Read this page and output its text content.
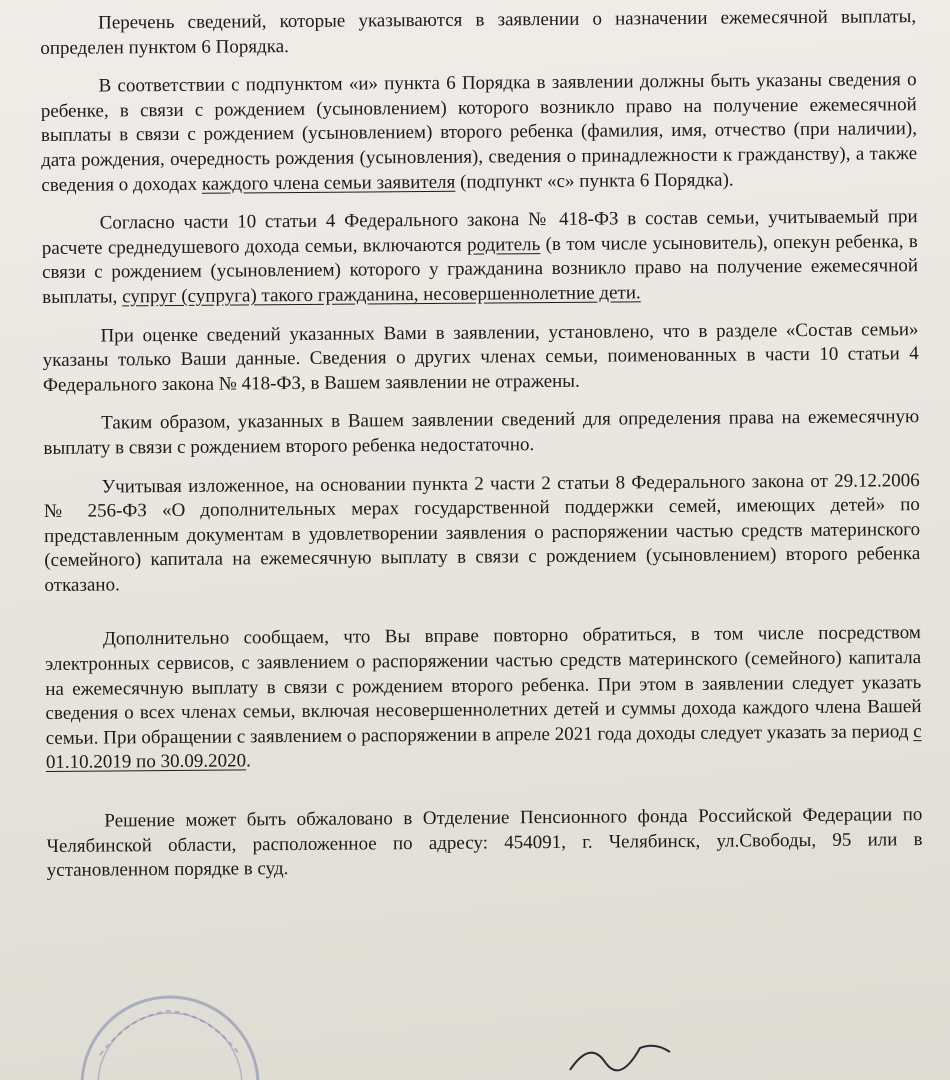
Перечень сведений, которые указываются в заявлении о назначении ежемесячной выплаты, определен пунктом 6 Порядка.

В соответствии с подпунктом «и» пункта 6 Порядка в заявлении должны быть указаны сведения о ребенке, в связи с рождением (усыновлением) которого возникло право на получение ежемесячной выплаты в связи с рождением (усыновлением) второго ребенка (фамилия, имя, отчество (при наличии), дата рождения, очередность рождения (усыновления), сведения о принадлежности к гражданству), а также сведения о доходах каждого члена семьи заявителя (подпункт «с» пункта 6 Порядка).

Согласно части 10 статьи 4 Федерального закона № 418-ФЗ в состав семьи, учитываемый при расчете среднедушевого дохода семьи, включаются родитель (в том числе усыновитель), опекун ребенка, в связи с рождением (усыновлением) которого у гражданина возникло право на получение ежемесячной выплаты, супруг (супруга) такого гражданина, несовершеннолетние дети.

При оценке сведений указанных Вами в заявлении, установлено, что в разделе «Состав семьи» указаны только Ваши данные. Сведения о других членах семьи, поименованных в части 10 статьи 4 Федерального закона № 418-ФЗ, в Вашем заявлении не отражены.

Таким образом, указанных в Вашем заявлении сведений для определения права на ежемесячную выплату в связи с рождением второго ребенка недостаточно.

Учитывая изложенное, на основании пункта 2 части 2 статьи 8 Федерального закона от 29.12.2006 № 256-ФЗ «О дополнительных мерах государственной поддержки семей, имеющих детей» по представленным документам в удовлетворении заявления о распоряжении частью средств материнского (семейного) капитала на ежемесячную выплату в связи с рождением (усыновлением) второго ребенка отказано.

Дополнительно сообщаем, что Вы вправе повторно обратиться, в том числе посредством электронных сервисов, с заявлением о распоряжении частью средств материнского (семейного) капитала на ежемесячную выплату в связи с рождением второго ребенка. При этом в заявлении следует указать сведения о всех членах семьи, включая несовершеннолетних детей и суммы дохода каждого члена Вашей семьи. При обращении с заявлением о распоряжении в апреле 2021 года доходы следует указать за период с 01.10.2019 по 30.09.2020.

Решение может быть обжаловано в Отделение Пенсионного фонда Российской Федерации по Челябинской области, расположенное по адресу: 454091, г. Челябинск, ул.Свободы, 95 или в установленном порядке в суд.
